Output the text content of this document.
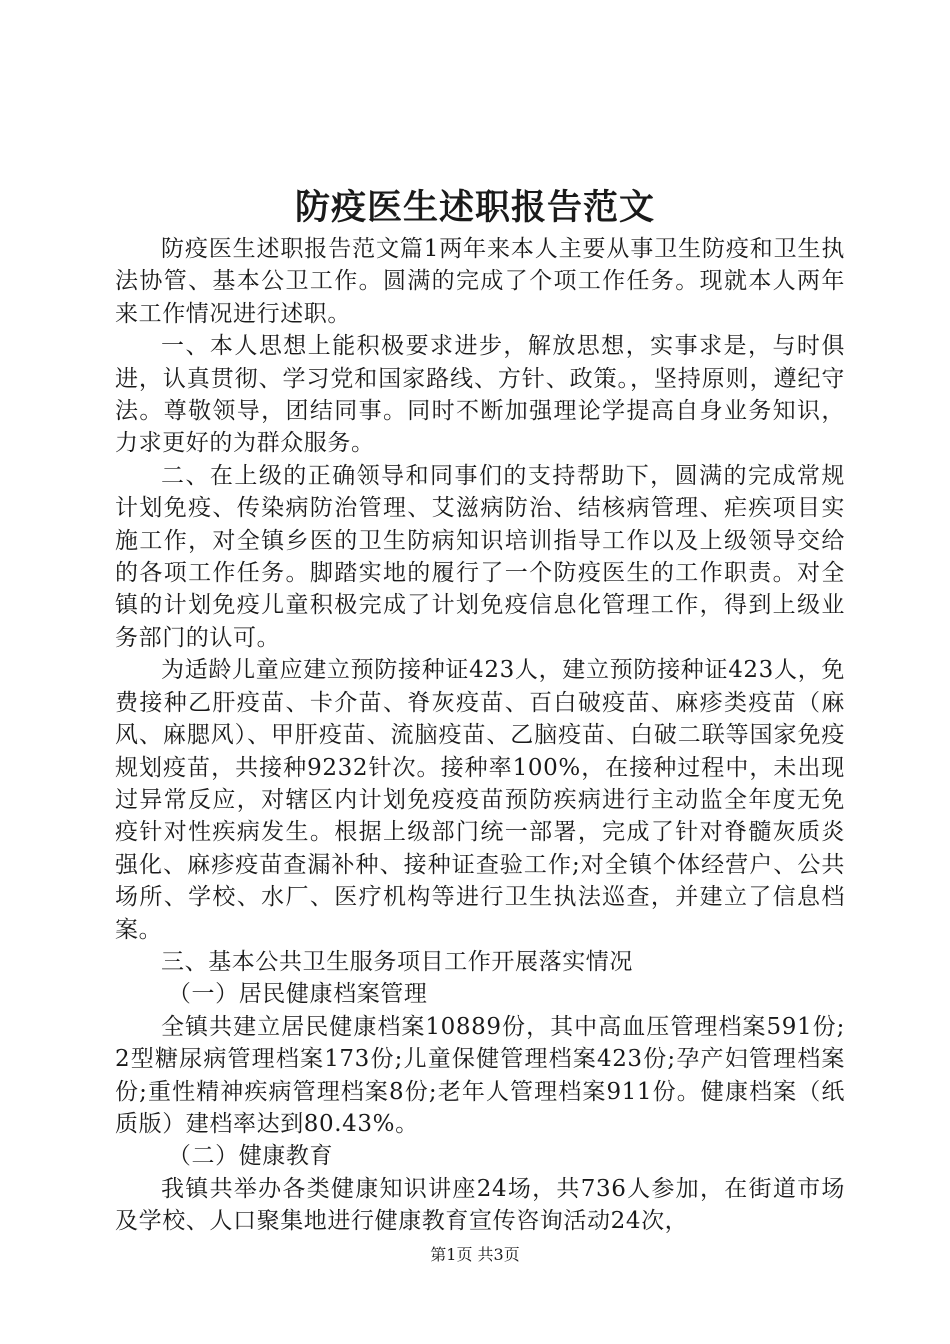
防疫医生述职报告范文

防疫医生述职报告范文篇1两年来本人主要从事卫生防疫和卫生执法协管、基本公卫工作。圆满的完成了个项工作任务。现就本人两年来工作情况进行述职。

一、本人思想上能积极要求进步，解放思想，实事求是，与时俱进，认真贯彻、学习党和国家路线、方针、政策。，坚持原则，遵纪守法。尊敬领导，团结同事。同时不断加强理论学提高自身业务知识，力求更好的为群众服务。

二、在上级的正确领导和同事们的支持帮助下，圆满的完成常规计划免疫、传染病防治管理、艾滋病防治、结核病管理、疟疾项目实施工作，对全镇乡医的卫生防病知识培训指导工作以及上级领导交给的各项工作任务。脚踏实地的履行了一个防疫医生的工作职责。对全镇的计划免疫儿童积极完成了计划免疫信息化管理工作，得到上级业务部门的认可。

为适龄儿童应建立预防接种证423人，建立预防接种证423人，免费接种乙肝疫苗、卡介苗、脊灰疫苗、百白破疫苗、麻疹类疫苗（麻风、麻腮风）、甲肝疫苗、流脑疫苗、乙脑疫苗、白破二联等国家免疫规划疫苗，共接种9232针次。接种率100%，在接种过程中，未出现过异常反应，对辖区内计划免疫疫苗预防疾病进行主动监全年度无免疫针对性疾病发生。根据上级部门统一部署，完成了针对脊髓灰质炎强化、麻疹疫苗查漏补种、接种证查验工作;对全镇个体经营户、公共场所、学校、水厂、医疗机构等进行卫生执法巡查，并建立了信息档案。

三、基本公共卫生服务项目工作开展落实情况

（一）居民健康档案管理

全镇共建立居民健康档案10889份，其中高血压管理档案591份;2型糖尿病管理档案173份;儿童保健管理档案423份;孕产妇管理档案份;重性精神疾病管理档案8份;老年人管理档案911份。健康档案（纸质版）建档率达到80.43%。

（二）健康教育

我镇共举办各类健康知识讲座24场，共736人参加，在街道市场及学校、人口聚集地进行健康教育宣传咨询活动24次，

第1页 共3页
